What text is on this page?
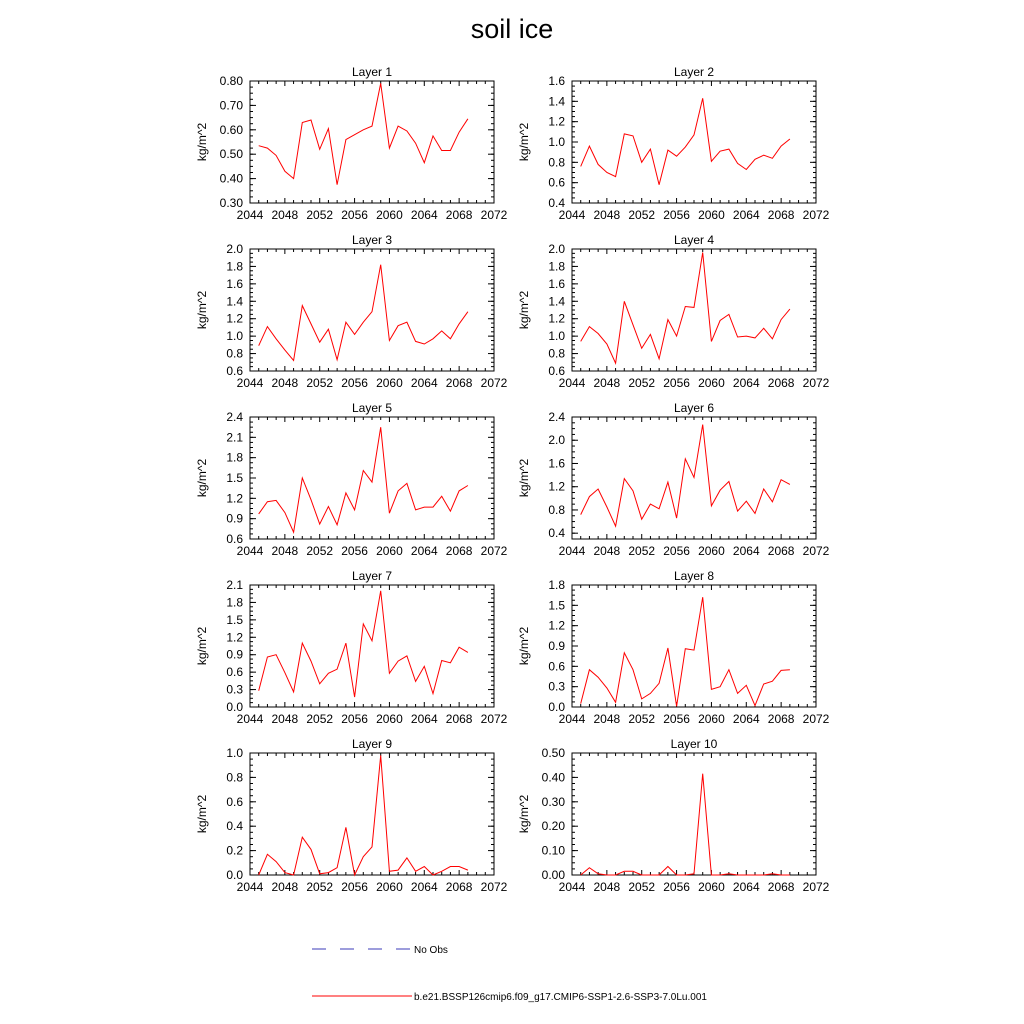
soil ice
Layer 1
kg/m^2
2044 2048 2052 2056 2060 2064 2068 2072
0.30
0.40
0.50
0.60
0.70
0.80
Layer 2
kg/m^2
2044 2048 2052 2056 2060 2064 2068 2072
0.4
0.6
0.8
1.0
1.2
1.4
1.6
Layer 3
kg/m^2
2044 2048 2052 2056 2060 2064 2068 2072
0.6
0.8
1.0
1.2
1.4
1.6
1.8
2.0
Layer 4
kg/m^2
2044 2048 2052 2056 2060 2064 2068 2072
0.6
0.8
1.0
1.2
1.4
1.6
1.8
2.0
Layer 5
kg/m^2
2044 2048 2052 2056 2060 2064 2068 2072
0.6
0.9
1.2
1.5
1.8
2.1
2.4
Layer 6
kg/m^2
2044 2048 2052 2056 2060 2064 2068 2072
0.4
0.8
1.2
1.6
2.0
2.4
Layer 7
kg/m^2
2044 2048 2052 2056 2060 2064 2068 2072
0.0
0.3
0.6
0.9
1.2
1.5
1.8
2.1
Layer 8
kg/m^2
2044 2048 2052 2056 2060 2064 2068 2072
0.0
0.3
0.6
0.9
1.2
1.5
1.8
Layer 9
kg/m^2
2044 2048 2052 2056 2060 2064 2068 2072
0.0
0.2
0.4
0.6
0.8
1.0
Layer 10
kg/m^2
2044 2048 2052 2056 2060 2064 2068 2072
0.00
0.10
0.20
0.30
0.40
0.50
No Obs
b.e21.BSSP126cmip6.f09_g17.CMIP6-SSP1-2.6-SSP3-7.0Lu.001
